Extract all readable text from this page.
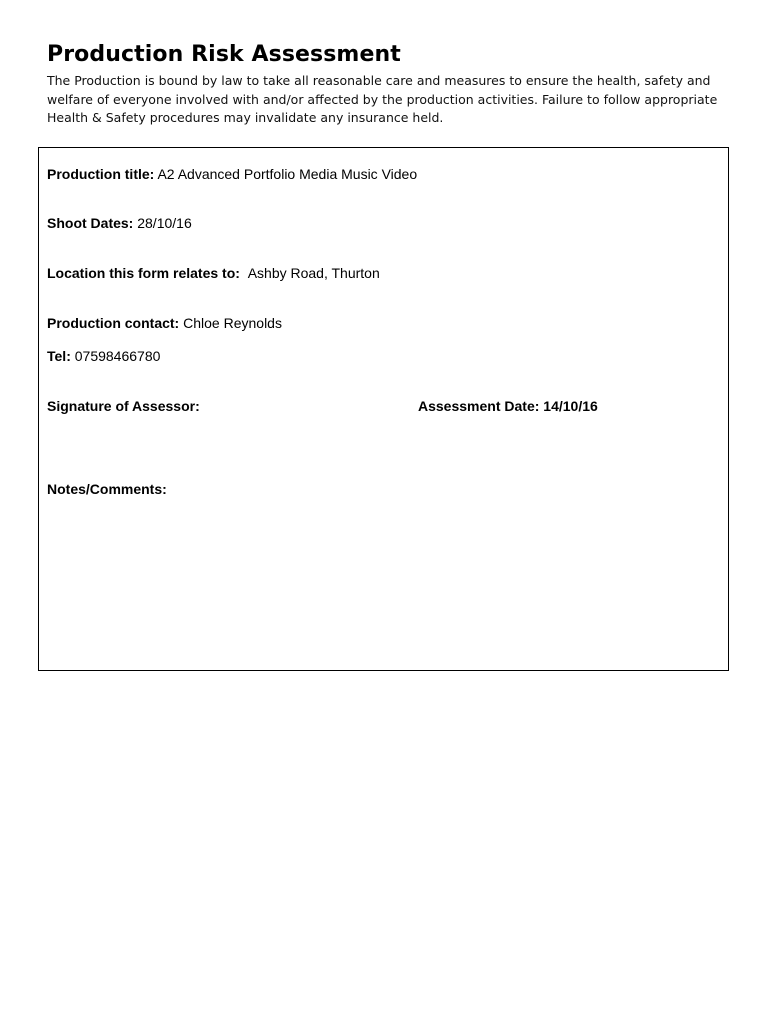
Production Risk Assessment

The Production is bound by law to take all reasonable care and measures to ensure the health, safety and welfare of everyone involved with and/or affected by the production activities. Failure to follow appropriate Health & Safety procedures may invalidate any insurance held.

Production title: A2 Advanced Portfolio Media Music Video
Shoot Dates: 28/10/16
Location this form relates to: Ashby Road, Thurton
Production contact: Chloe Reynolds
Tel: 07598466780
Signature of Assessor:	Assessment Date: 14/10/16
Notes/Comments:
